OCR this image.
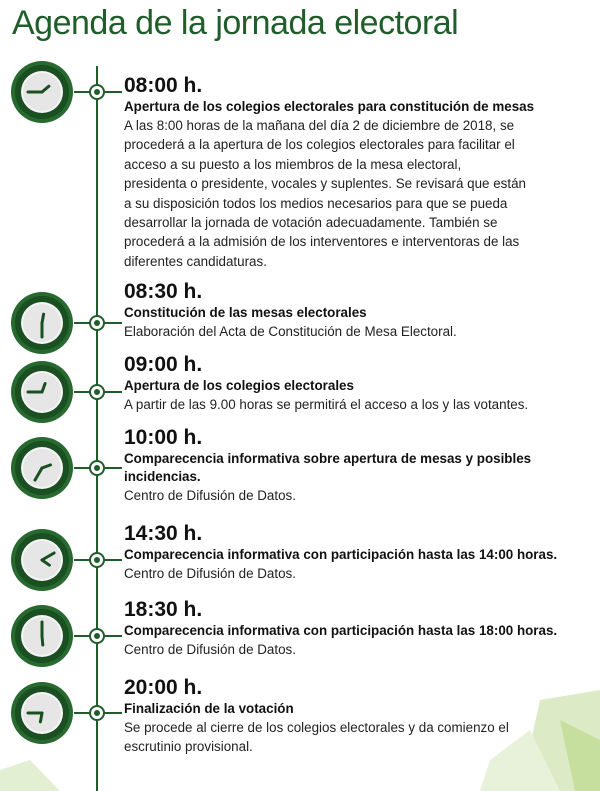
Agenda de la jornada electoral
08:00 h.
Apertura de los colegios electorales para constitución de mesas
A las 8:00 horas de la mañana del día 2 de diciembre de 2018, se
procederá a la apertura de los colegios electorales para facilitar el
acceso a su puesto a los miembros de la mesa electoral,
presidenta o presidente, vocales y suplentes. Se revisará que están
a su disposición todos los medios necesarios para que se pueda
desarrollar la jornada de votación adecuadamente. También se
procederá a la admisión de los interventores e interventoras de las
diferentes candidaturas.
08:30 h.
Constitución de las mesas electorales
Elaboración del Acta de Constitución de Mesa Electoral.
09:00 h.
Apertura de los colegios electorales
A partir de las 9.00 horas se permitirá el acceso a los y las votantes.
10:00 h.
Comparecencia informativa sobre apertura de mesas y posibles incidencias.
Centro de Difusión de Datos.
14:30 h.
Comparecencia informativa con participación hasta las 14:00 horas.
Centro de Difusión de Datos.
18:30 h.
Comparecencia informativa con participación hasta las 18:00 horas.
Centro de Difusión de Datos.
20:00 h.
Finalización de la votación
Se procede al cierre de los colegios electorales y da comienzo el
escrutinio provisional.
